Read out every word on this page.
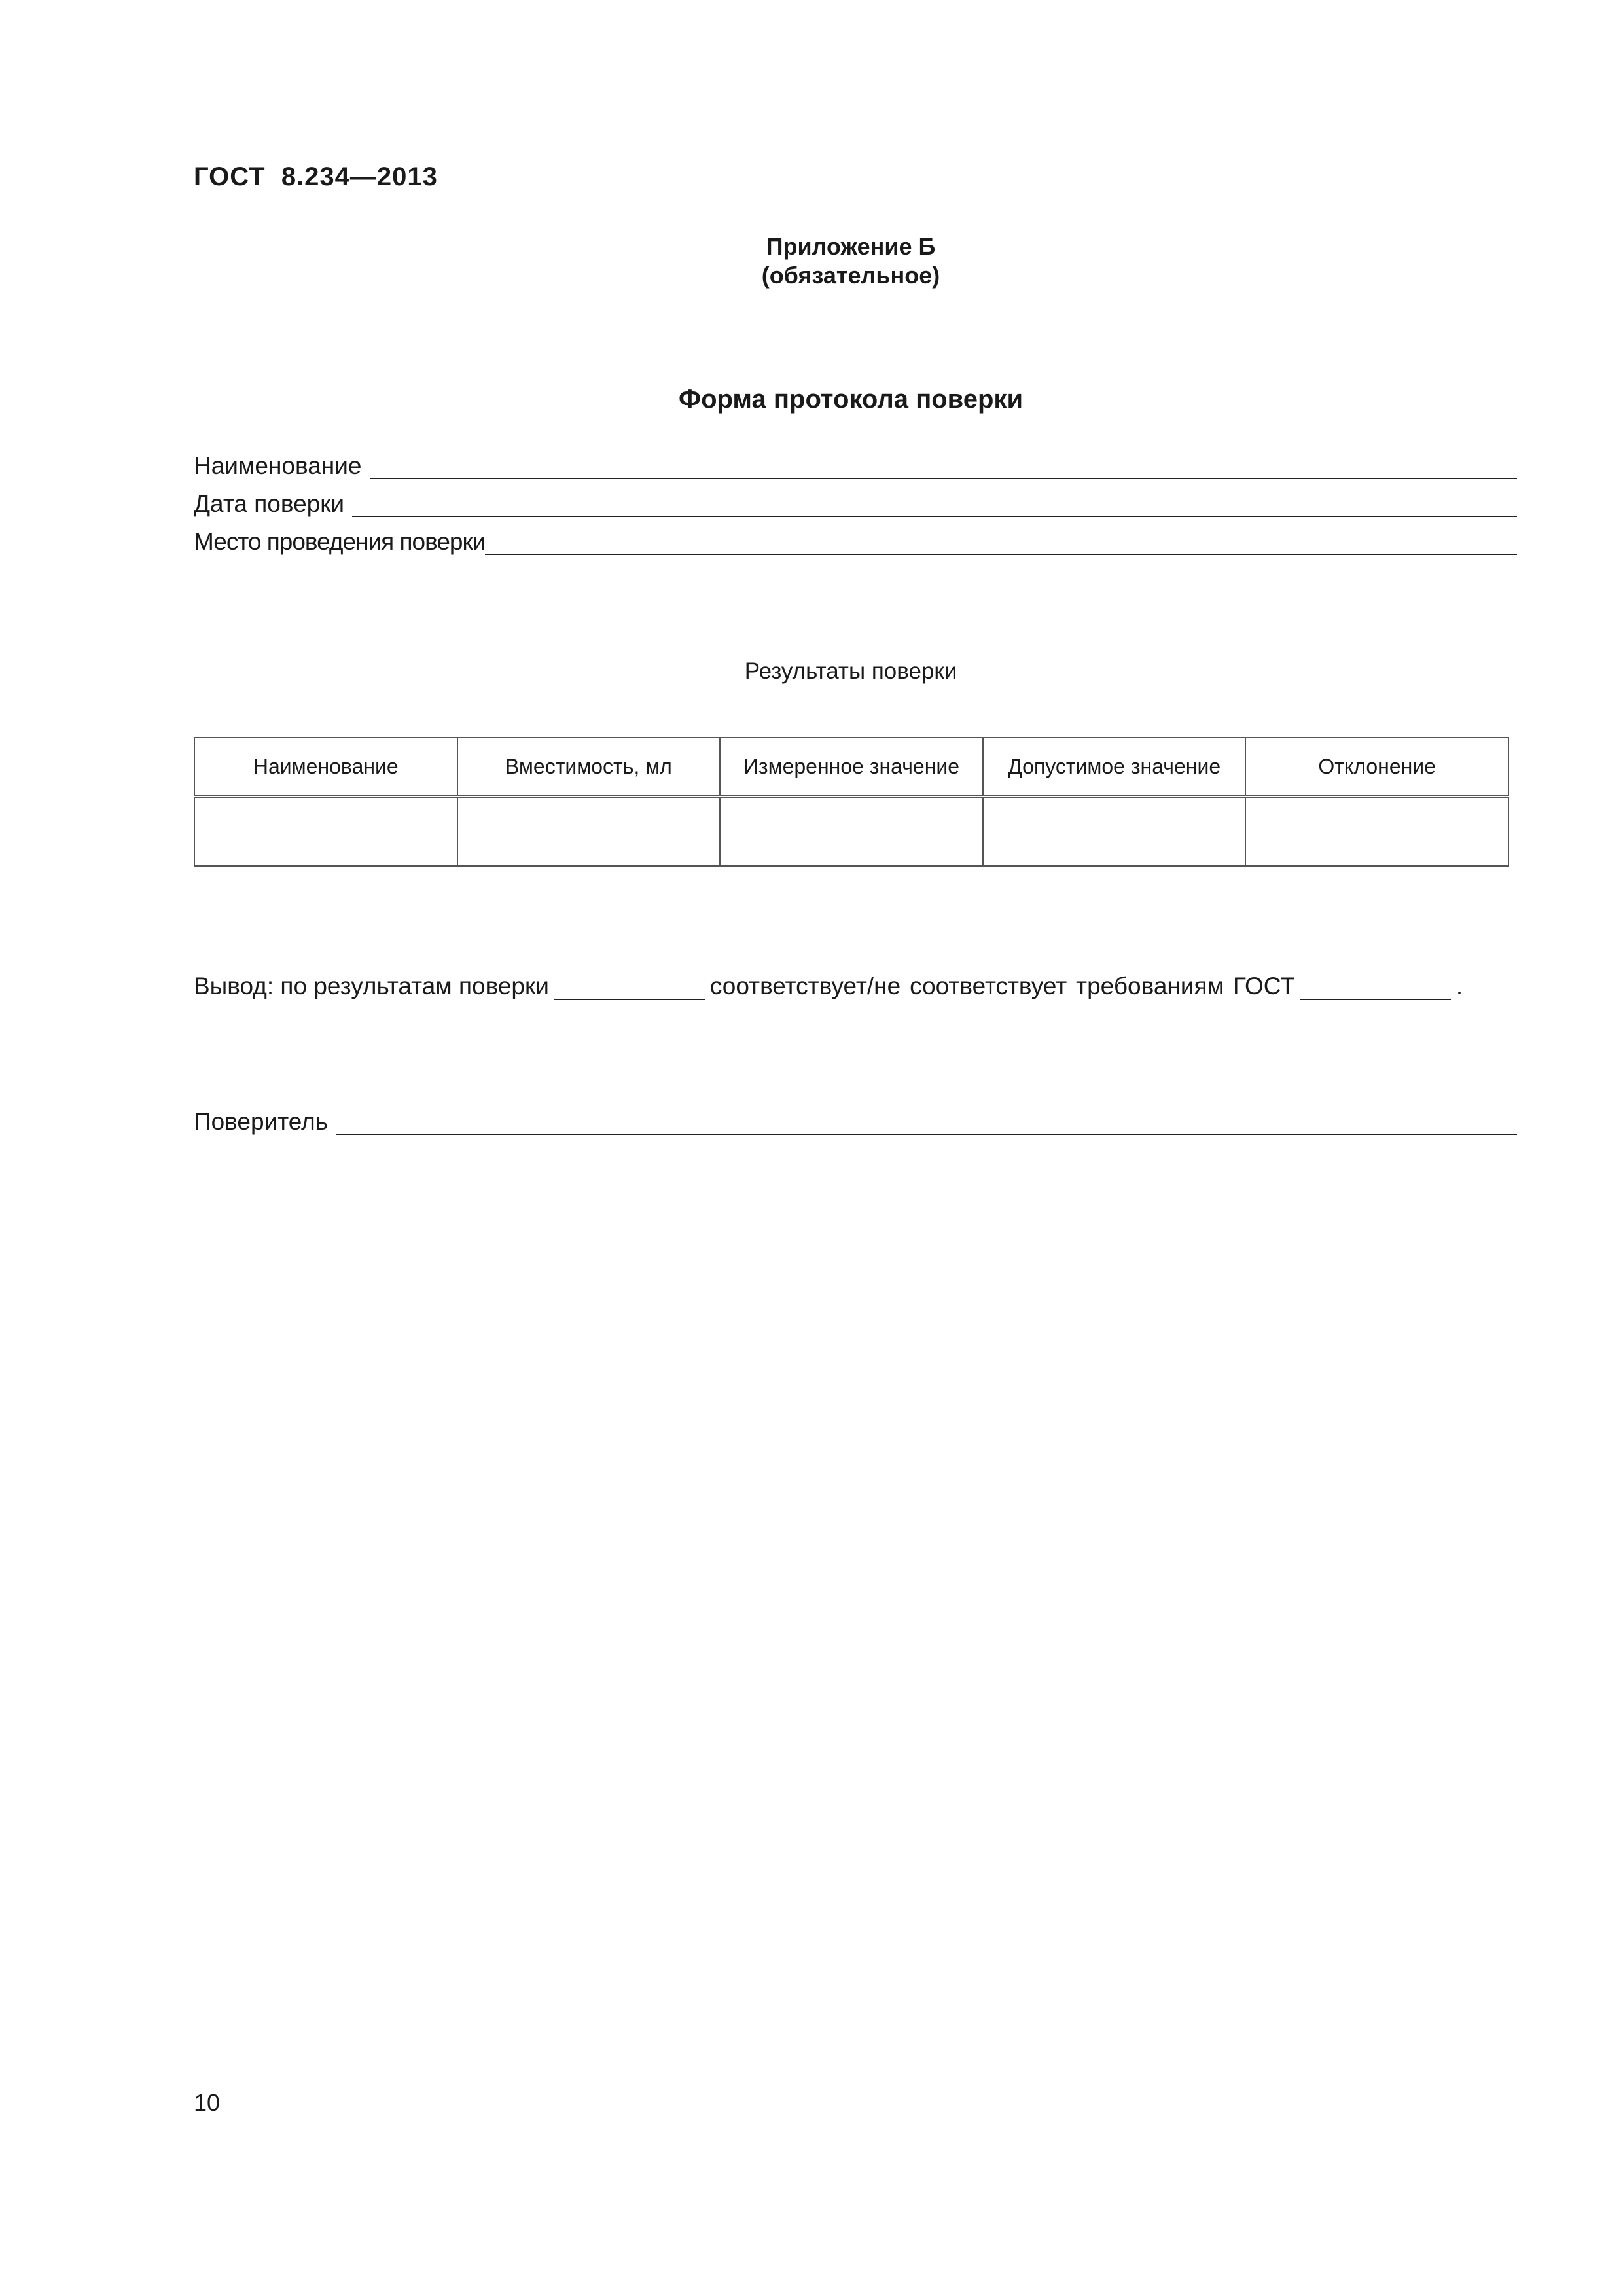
ГОСТ  8.234—2013
Приложение Б
(обязательное)
Форма протокола поверки
Наименование
Дата поверки
Место проведения поверки
Результаты поверки
Наименование	Вместимость, мл	Измеренное значение	Допустимое значение	Отклонение

Вывод: по результатам поверки	соответствует/не соответствует требованиям ГОСТ	.
Поверитель
10
